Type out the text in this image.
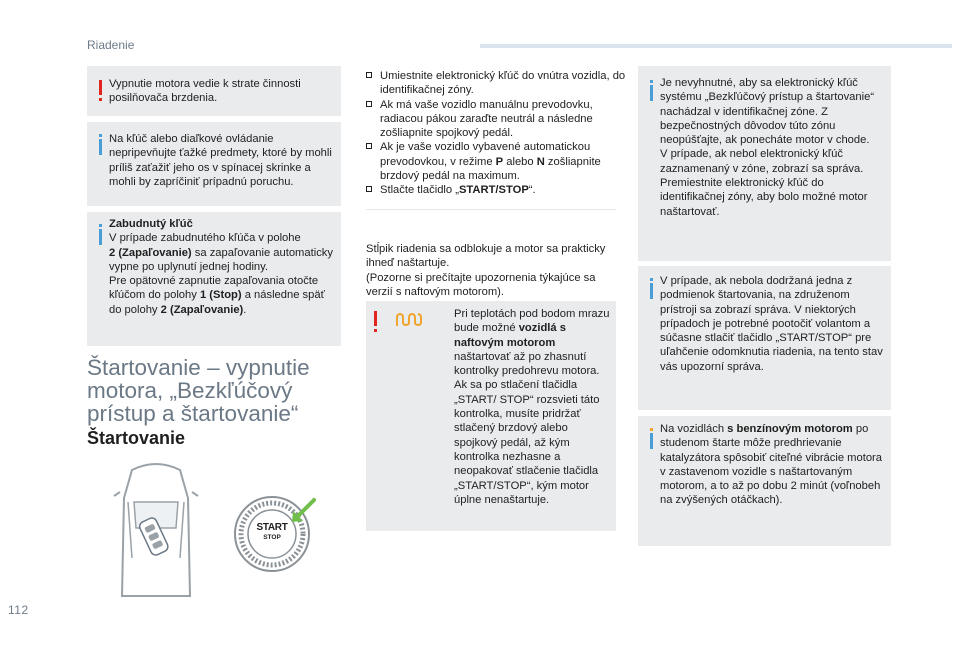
Riadenie
Vypnutie motora vedie k strate činnosti posilňovača brzdenia.
Na kľúč alebo diaľkové ovládanie nepripevňujte ťažké predmety, ktoré by mohli príliš zaťažiť jeho os v spínacej skrinke a mohli by zapríčiniť prípadnú poruchu.
Zabudnutý kľúč
V prípade zabudnutého kľúča v polohe
2 (Zapaľovanie) sa zapaľovanie automaticky vypne po uplynutí jednej hodiny.
Pre opätovné zapnutie zapaľovania otočte kľúčom do polohy 1 (Stop) a následne späť do polohy 2 (Zapaľovanie).
Štartovanie – vypnutie motora, „Bezkľúčový prístup a štartovanie“
Štartovanie
START
STOP
Umiestnite elektronický kľúč do vnútra vozidla, do identifikačnej zóny.
Ak má vaše vozidlo manuálnu prevodovku, radiacou pákou zaraďte neutrál a následne zošliapnite spojkový pedál.
Ak je vaše vozidlo vybavené automatickou prevodovkou, v režime P alebo N zošliapnite brzdový pedál na maximum.
Stlačte tlačidlo „START/STOP“.
Stĺpik riadenia sa odblokuje a motor sa prakticky ihneď naštartuje.
(Pozorne si prečítajte upozornenia týkajúce sa verzií s naftovým motorom).
Pri teplotách pod bodom mrazu bude možné vozidlá s naftovým motorom naštartovať až po zhasnutí kontrolky predohrevu motora.
Ak sa po stlačení tlačidla „START/ STOP“ rozsvieti táto kontrolka, musíte pridržať stlačený brzdový alebo spojkový pedál, až kým kontrolka nezhasne a neopakovať stlačenie tlačidla „START/STOP“, kým motor úplne nenaštartuje.
Je nevyhnutné, aby sa elektronický kľúč systému „Bezkľúčový prístup a štartovanie“ nachádzal v identifikačnej zóne. Z bezpečnostných dôvodov túto zónu neopúšťajte, ak ponecháte motor v chode.
V prípade, ak nebol elektronický kľúč zaznamenaný v zóne, zobrazí sa správa.
Premiestnite elektronický kľúč do identifikačnej zóny, aby bolo možné motor naštartovať.
V prípade, ak nebola dodržaná jedna z podmienok štartovania, na združenom prístroji sa zobrazí správa. V niektorých prípadoch je potrebné pootočiť volantom a súčasne stlačiť tlačidlo „START/STOP“ pre uľahčenie odomknutia riadenia, na tento stav vás upozorní správa.
Na vozidlách s benzínovým motorom po studenom štarte môže predhrievanie katalyzátora spôsobiť citeľné vibrácie motora v zastavenom vozidle s naštartovaným motorom, a to až po dobu 2 minút (voľnobeh na zvýšených otáčkach).
112
